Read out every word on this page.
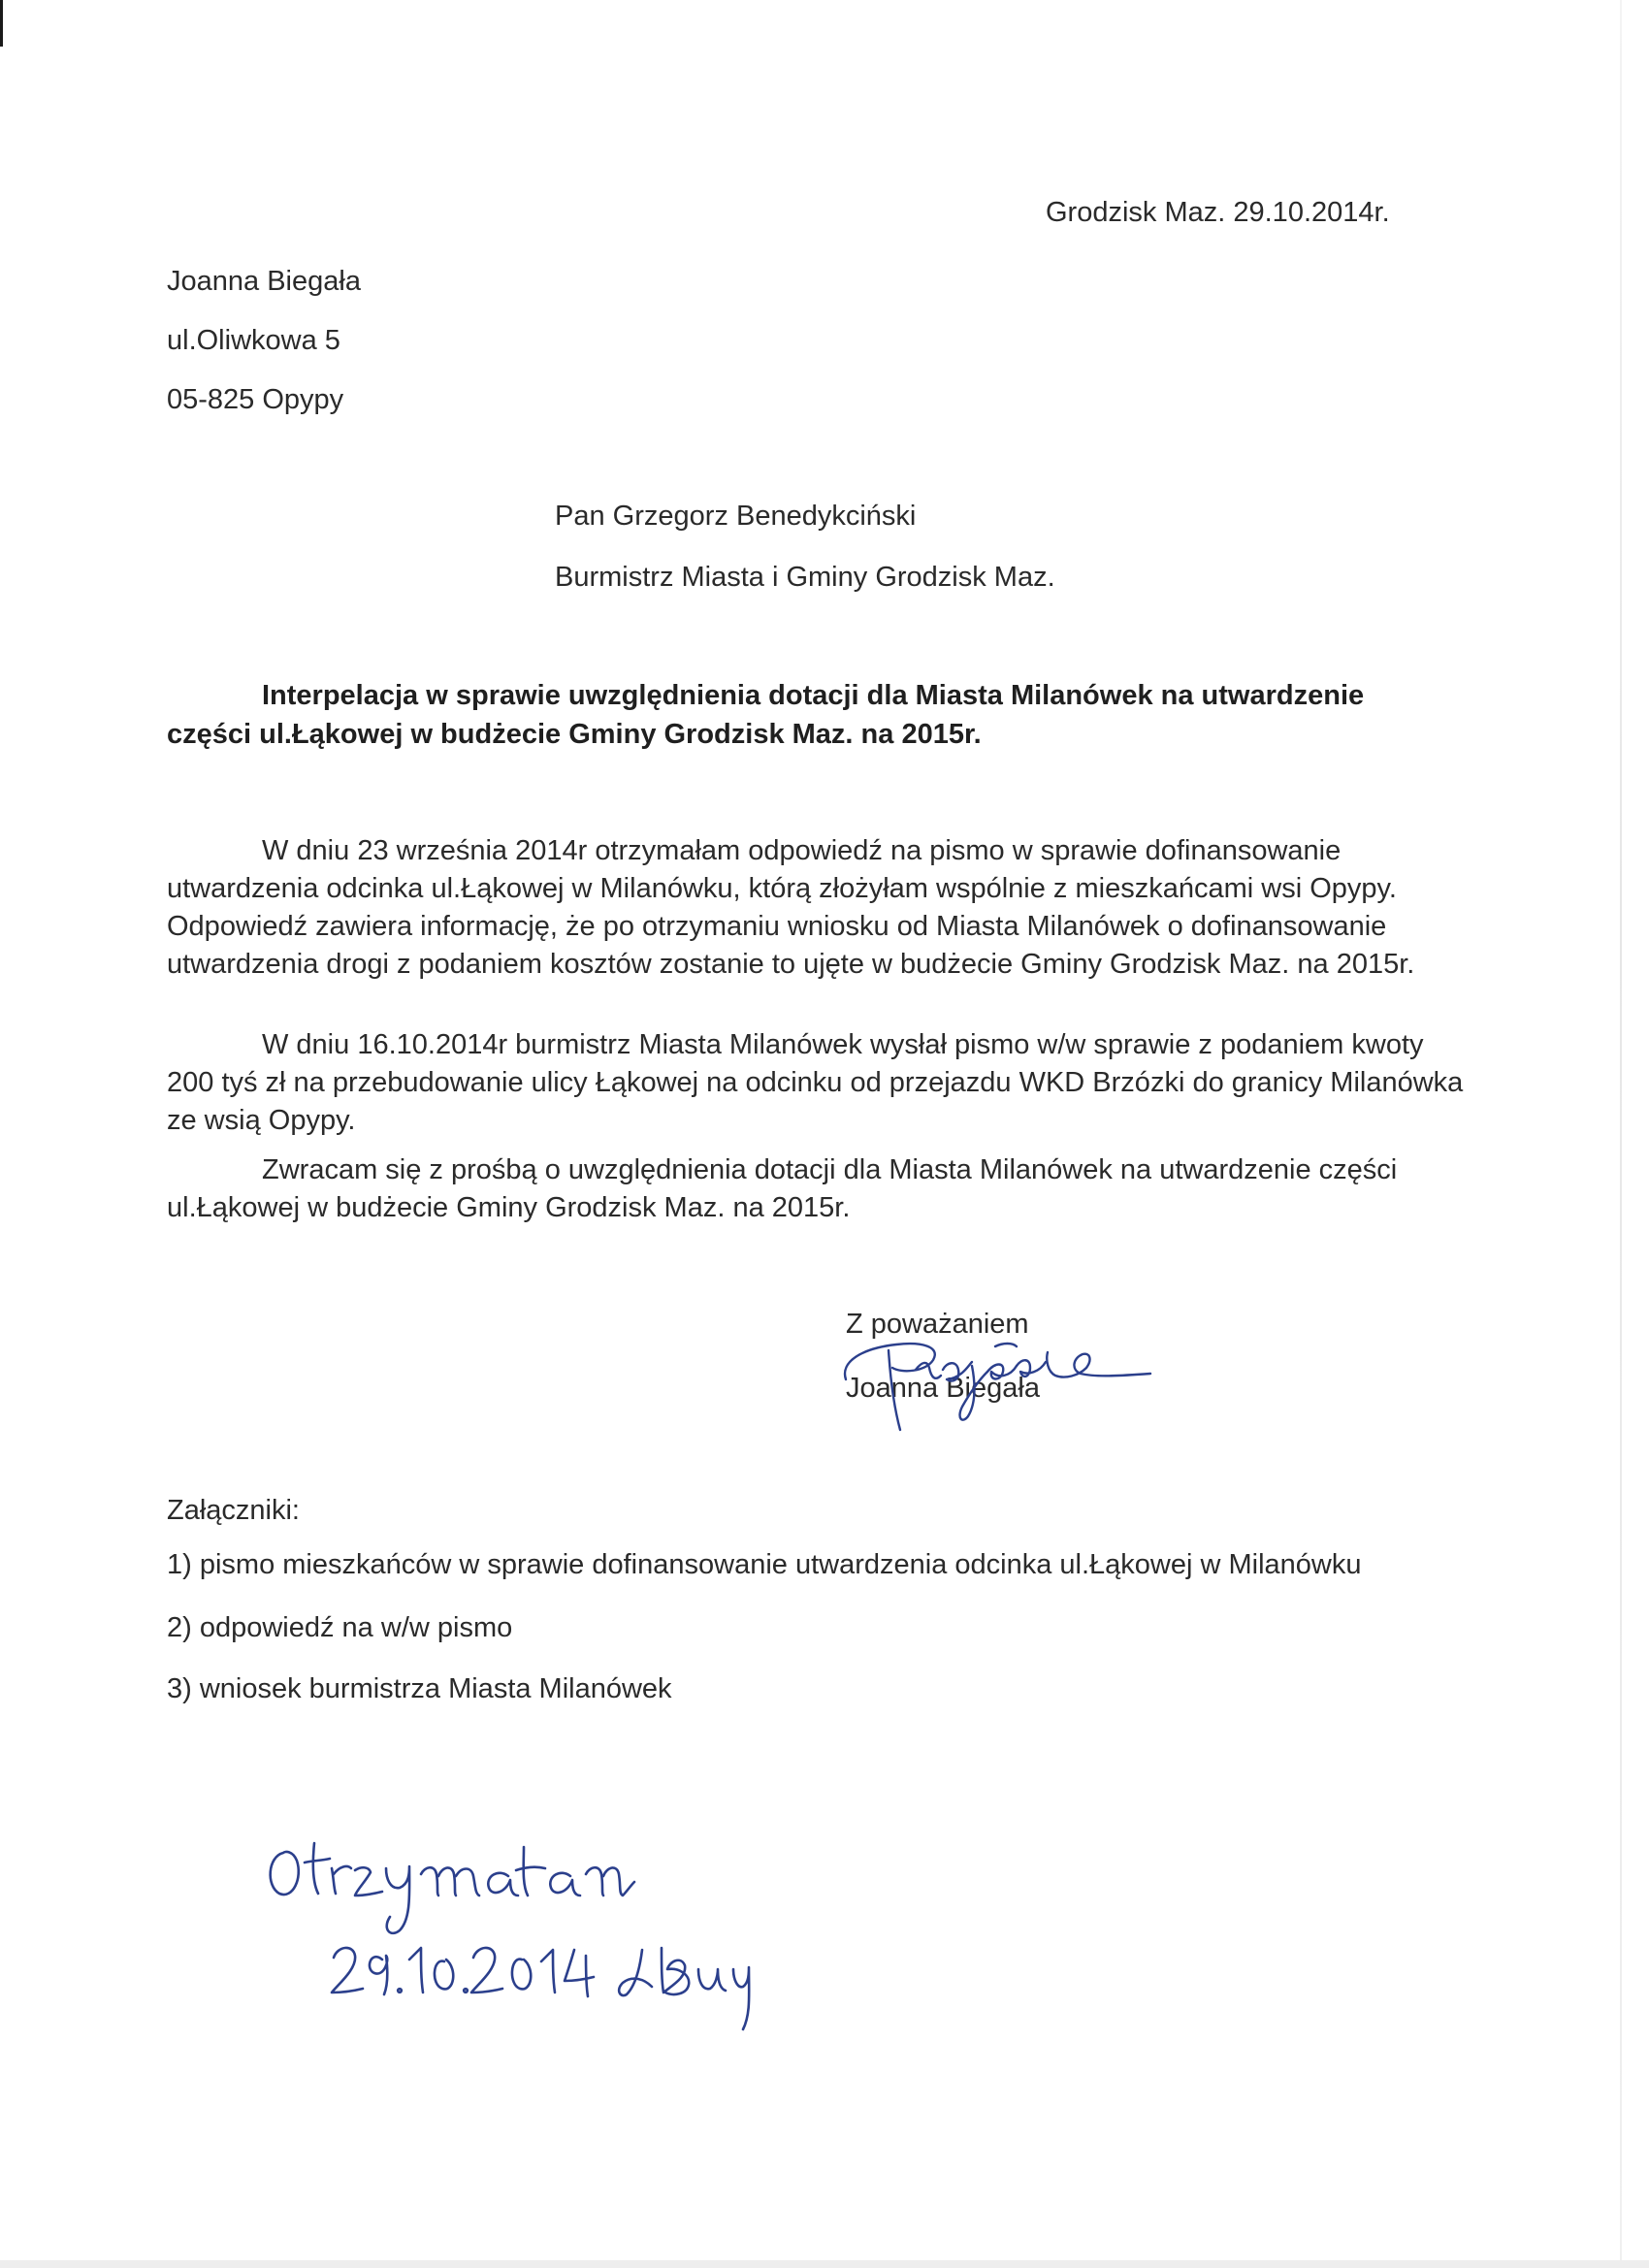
Grodzisk Maz. 29.10.2014r.
Joanna Biegała
ul.Oliwkowa 5
05-825 Opypy
Pan Grzegorz Benedykciński
Burmistrz Miasta i Gminy Grodzisk Maz.
Interpelacja w sprawie uwzględnienia dotacji dla Miasta Milanówek na utwardzenie części ul.Łąkowej w budżecie Gminy Grodzisk Maz. na 2015r.
W dniu 23 września 2014r otrzymałam odpowiedź na pismo w sprawie dofinansowanie utwardzenia odcinka ul.Łąkowej w Milanówku, którą złożyłam wspólnie z mieszkańcami wsi Opypy. Odpowiedź zawiera informację, że po otrzymaniu wniosku od Miasta Milanówek o dofinansowanie utwardzenia drogi z podaniem kosztów zostanie to ujęte w budżecie Gminy Grodzisk Maz. na 2015r.
W dniu 16.10.2014r burmistrz Miasta Milanówek wysłał pismo w/w sprawie z podaniem kwoty 200 tyś zł na przebudowanie ulicy Łąkowej na odcinku od przejazdu WKD Brzózki do granicy Milanówka ze wsią Opypy.
Zwracam się z prośbą o uwzględnienia dotacji dla Miasta Milanówek na utwardzenie części ul.Łąkowej w budżecie Gminy Grodzisk Maz. na 2015r.
Z poważaniem
Joanna Biegała
Załączniki:
1) pismo mieszkańców w sprawie dofinansowanie utwardzenia odcinka ul.Łąkowej w Milanówku
2) odpowiedź na w/w pismo
3) wniosek burmistrza Miasta Milanówek
